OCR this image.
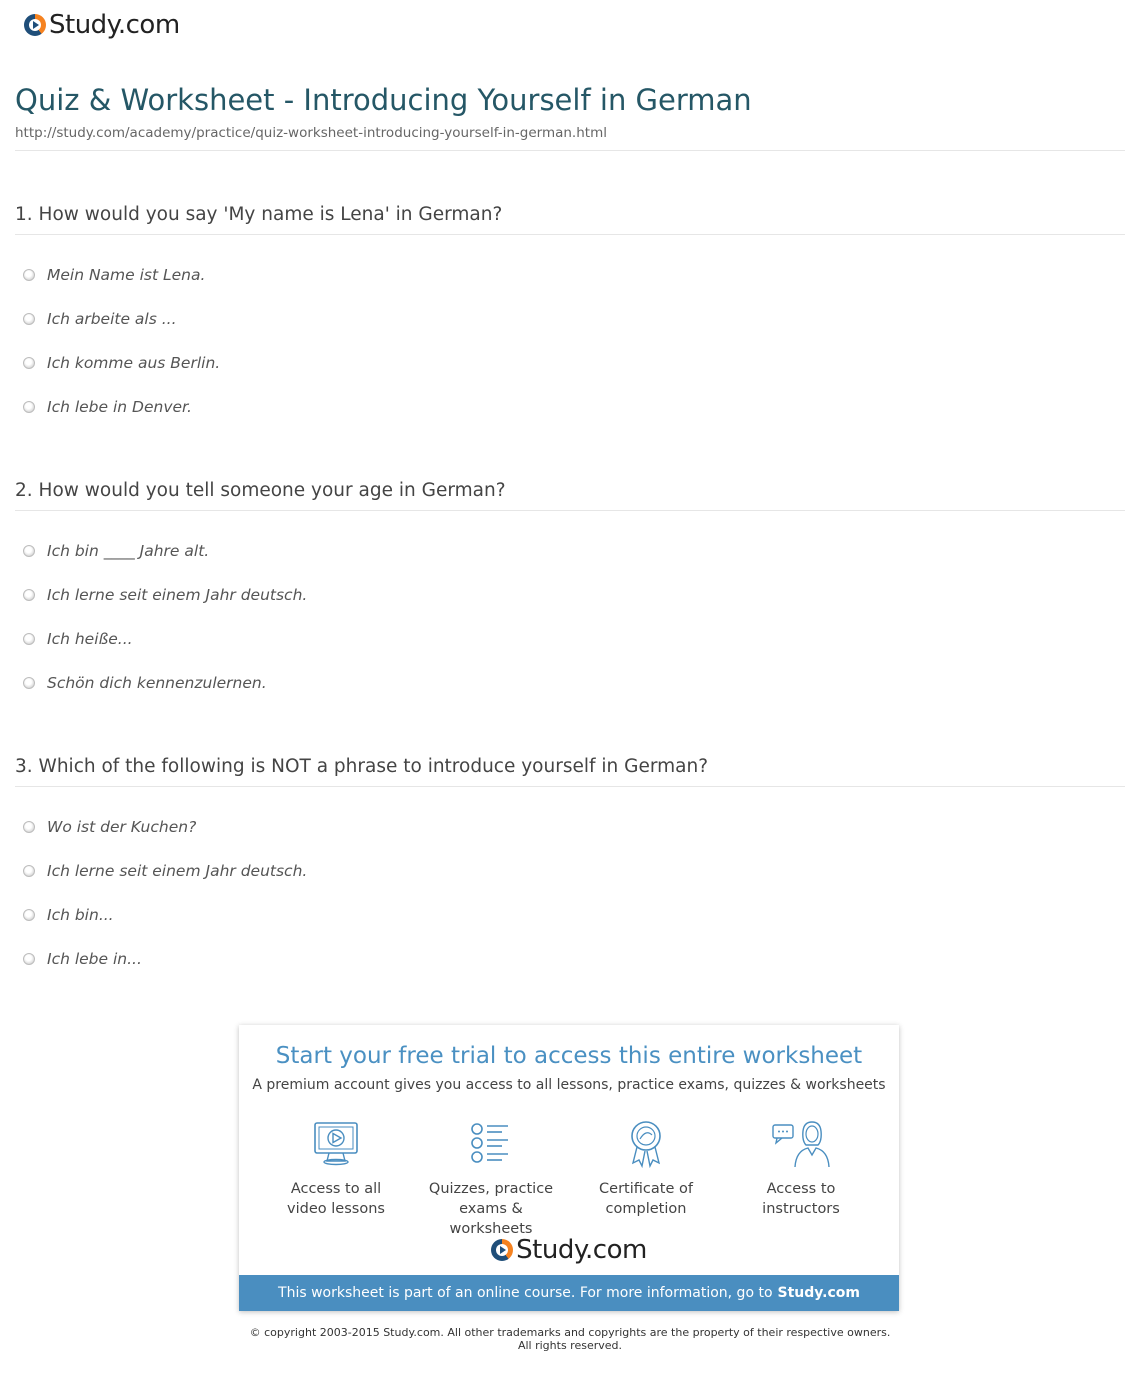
Study.com
Quiz & Worksheet - Introducing Yourself in German
http://study.com/academy/practice/quiz-worksheet-introducing-yourself-in-german.html
1. How would you say 'My name is Lena' in German?
Mein Name ist Lena.
Ich arbeite als ...
Ich komme aus Berlin.
Ich lebe in Denver.
2. How would you tell someone your age in German?
Ich bin ____ Jahre alt.
Ich lerne seit einem Jahr deutsch.
Ich heiße...
Schön dich kennenzulernen.
3. Which of the following is NOT a phrase to introduce yourself in German?
Wo ist der Kuchen?
Ich lerne seit einem Jahr deutsch.
Ich bin...
Ich lebe in...
Start your free trial to access this entire worksheet
A premium account gives you access to all lessons, practice exams, quizzes & worksheets
Access to all
video lessons
Quizzes, practice
exams & worksheets
Certificate of
completion
Access to
instructors
Study.com
This worksheet is part of an online course. For more information, go to Study.com
© copyright 2003-2015 Study.com. All other trademarks and copyrights are the property of their respective owners.
All rights reserved.
